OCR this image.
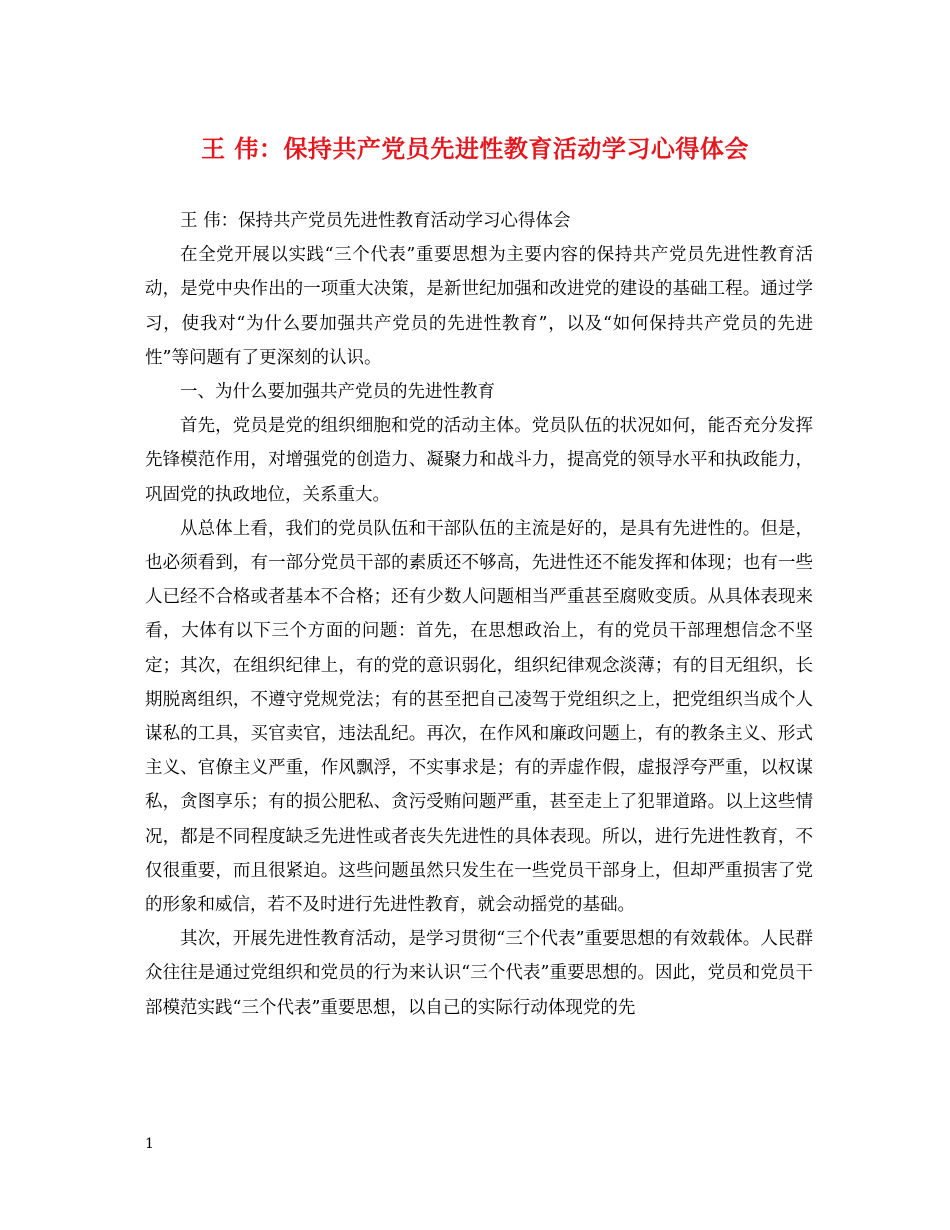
王 伟：保持共产党员先进性教育活动学习心得体会

王 伟：保持共产党员先进性教育活动学习心得体会

在全党开展以实践“三个代表”重要思想为主要内容的保持共产党员先进性教育活动，是党中央作出的一项重大决策，是新世纪加强和改进党的建设的基础工程。通过学习，使我对“为什么要加强共产党员的先进性教育”，以及“如何保持共产党员的先进性”等问题有了更深刻的认识。

一、为什么要加强共产党员的先进性教育

首先，党员是党的组织细胞和党的活动主体。党员队伍的状况如何，能否充分发挥先锋模范作用，对增强党的创造力、凝聚力和战斗力，提高党的领导水平和执政能力，巩固党的执政地位，关系重大。

从总体上看，我们的党员队伍和干部队伍的主流是好的，是具有先进性的。但是，也必须看到，有一部分党员干部的素质还不够高，先进性还不能发挥和体现；也有一些人已经不合格或者基本不合格；还有少数人问题相当严重甚至腐败变质。从具体表现来看，大体有以下三个方面的问题：首先，在思想政治上，有的党员干部理想信念不坚定；其次，在组织纪律上，有的党的意识弱化，组织纪律观念淡薄；有的目无组织，长期脱离组织，不遵守党规党法；有的甚至把自己凌驾于党组织之上，把党组织当成个人谋私的工具，买官卖官，违法乱纪。再次，在作风和廉政问题上，有的教条主义、形式主义、官僚主义严重，作风飘浮，不实事求是；有的弄虚作假，虚报浮夸严重，以权谋私，贪图享乐；有的损公肥私、贪污受贿问题严重，甚至走上了犯罪道路。以上这些情况，都是不同程度缺乏先进性或者丧失先进性的具体表现。所以，进行先进性教育，不仅很重要，而且很紧迫。这些问题虽然只发生在一些党员干部身上，但却严重损害了党的形象和威信，若不及时进行先进性教育，就会动摇党的基础。

其次，开展先进性教育活动，是学习贯彻“三个代表”重要思想的有效载体。人民群众往往是通过党组织和党员的行为来认识“三个代表”重要思想的。因此，党员和党员干部模范实践“三个代表”重要思想，以自己的实际行动体现党的先

1
